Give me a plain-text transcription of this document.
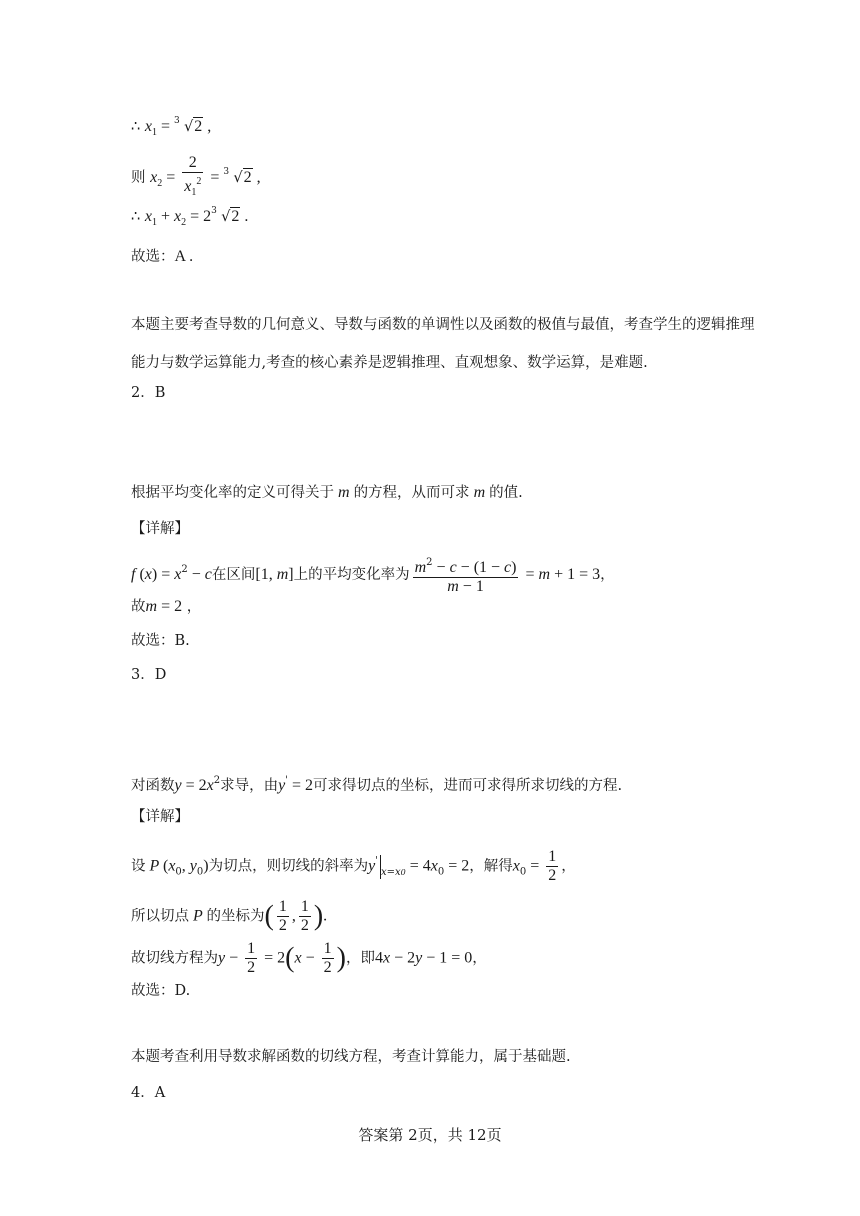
∴ $x_1 = 3$ √2 ,
则 $x_2 = \frac{2}{x_1^2} = 3$ √2 ,
∴ $x_1 + x_2 = 2$ 3 √2 .
故选：A .
本题主要考查导数的几何意义、导数与函数的单调性以及函数的极值与最值，考查学生的逻辑推理能力与数学运算能力,考查的核心素养是逻辑推理、直观想象、数学运算，是难题.
2．B
根据平均变化率的定义可得关于 m 的方程，从而可求 m 的值.
【详解】
f $(x) = x^2 - c$在区间[1, m]上的平均变化率为 $\frac{m^2 - c - (1 - c)}{m - 1} = m + 1 = 3$，
故m = 2 ，
故选：B.
3．D
对函数$y = 2x^2$求导，由y' = 2可求得切点的坐标，进而可求得所求切线的方程.
【详解】
设 P ($x_0$, $y_0$)为切点，则切线的斜率为$y'_{x=x0} = 4x_0 = 2$，解得$x_0 = \frac{1}{2}$ ，
所以切点 P 的坐标为( $\frac{1}{2}$ , $\frac{1}{2}$ ).
故切线方程为$y - \frac{1}{2} = 2(x - \frac{1}{2}$ )，即4x − 2y − 1 = 0，
故选：D.
本题考查利用导数求解函数的切线方程，考查计算能力，属于基础题.
4．A
答案第 2页，共 12页
